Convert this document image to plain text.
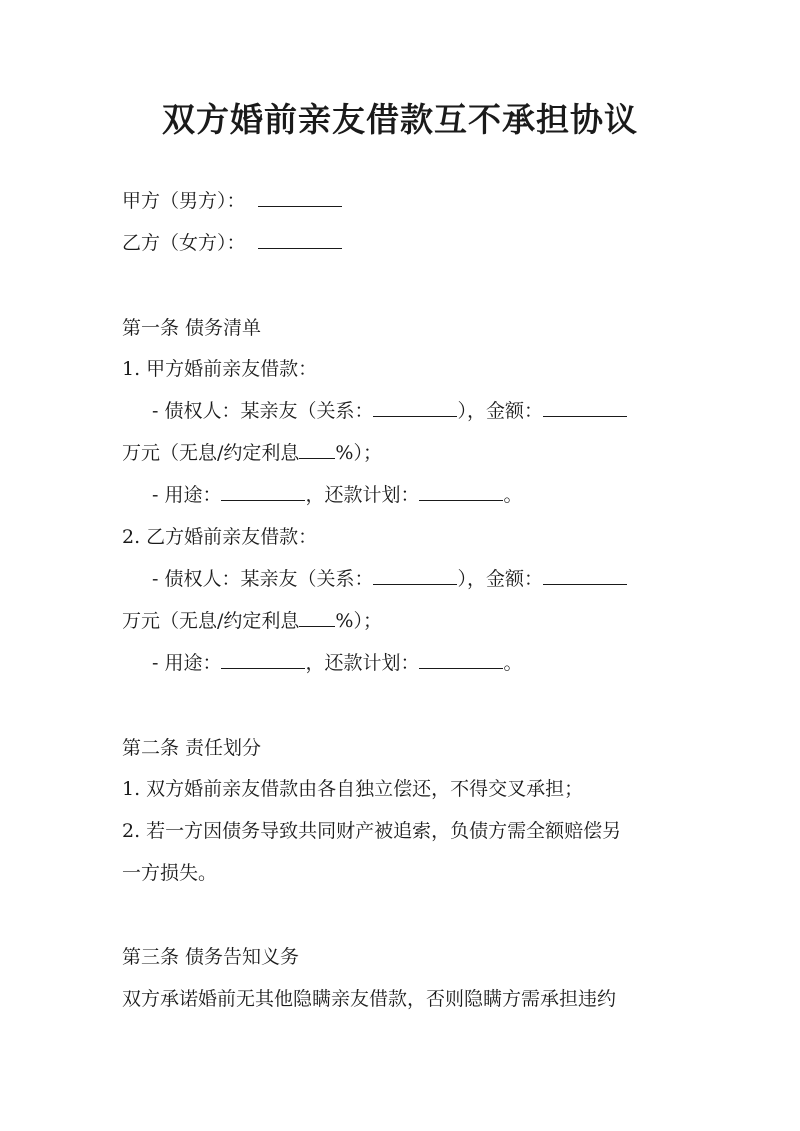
双方婚前亲友借款互不承担协议
甲方（男方）：
乙方（女方）：
第一条 债务清单
1. 甲方婚前亲友借款：
- 债权人：某亲友（关系：	），金额：
万元（无息/约定利息 %）；
- 用途：	，还款计划：	。
2. 乙方婚前亲友借款：
- 债权人：某亲友（关系：	），金额：
万元（无息/约定利息 %）；
- 用途：	，还款计划：	。
第二条 责任划分
1. 双方婚前亲友借款由各自独立偿还，不得交叉承担；
2. 若一方因债务导致共同财产被追索，负债方需全额赔偿另
一方损失。
第三条 债务告知义务
双方承诺婚前无其他隐瞒亲友借款，否则隐瞒方需承担违约
